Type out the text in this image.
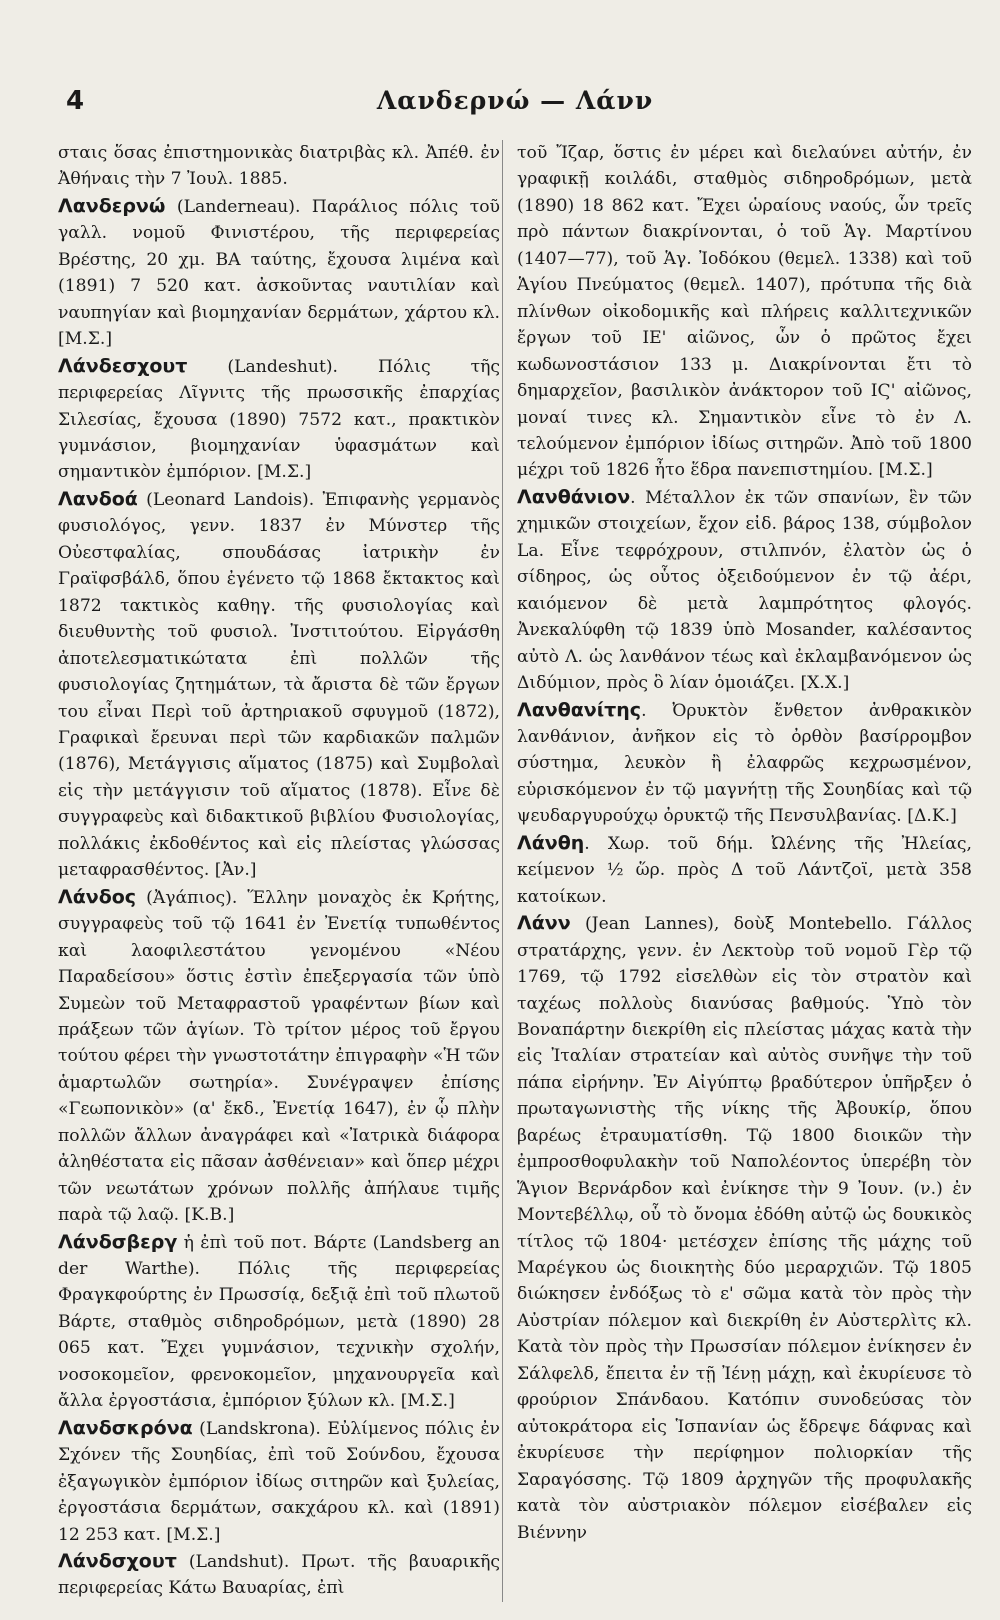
4	Λανδερνώ — Λάνν

σταις ὅσας ἐπιστημονικὰς διατριβὰς κλ. Ἀπέθ. ἐν Ἀθήναις τὴν 7 Ἰουλ. 1885.

Λανδερνώ (Landerneau). Παράλιος πόλις τοῦ γαλλ. νομοῦ Φινιστέρου, τῆς περιφερείας Βρέστης, 20 χμ. ΒΑ ταύτης, ἔχουσα λιμένα καὶ (1891) 7 520 κατ. ἀσκοῦντας ναυτιλίαν καὶ ναυπηγίαν καὶ βιομηχανίαν δερμάτων, χάρτου κλ. [Μ.Σ.]

Λάνδεσχουτ (Landeshut). Πόλις τῆς περιφερείας Λῖγνιτς τῆς πρωσσικῆς ἐπαρχίας Σιλεσίας, ἔχουσα (1890) 7572 κατ., πρακτικὸν γυμνάσιον, βιομηχανίαν ὑφασμάτων καὶ σημαντικὸν ἐμπόριον. [Μ.Σ.]

Λανδοά (Leonard Landois). Ἐπιφανὴς γερμανὸς φυσιολόγος, γενν. 1837 ἐν Μύνστερ τῆς Οὐεστφαλίας, σπουδάσας ἰατρικὴν ἐν Γραϊφσβάλδ, ὅπου ἐγένετο τῷ 1868 ἔκτακτος καὶ 1872 τακτικὸς καθηγ. τῆς φυσιολογίας καὶ διευθυντὴς τοῦ φυσιολ. Ἰνστιτούτου. Εἰργάσθη ἀποτελεσματικώτατα ἐπὶ πολλῶν τῆς φυσιολογίας ζητημάτων, τὰ ἄριστα δὲ τῶν ἔργων του εἶναι Περὶ τοῦ ἀρτηριακοῦ σφυγμοῦ (1872), Γραφικαὶ ἔρευναι περὶ τῶν καρδιακῶν παλμῶν (1876), Μετάγγισις αἵματος (1875) καὶ Συμβολαὶ εἰς τὴν μετάγγισιν τοῦ αἵματος (1878). Εἶνε δὲ συγγραφεὺς καὶ διδακτικοῦ βιβλίου Φυσιολογίας, πολλάκις ἐκδοθέντος καὶ εἰς πλείστας γλώσσας μεταφρασθέντος. [Ἀν.]

Λάνδος (Ἀγάπιος). Ἕλλην μοναχὸς ἐκ Κρήτης, συγγραφεὺς τοῦ τῷ 1641 ἐν Ἐνετίᾳ τυπωθέντος καὶ λαοφιλεστάτου γενομένου «Νέου Παραδείσου» ὅστις ἐστὶν ἐπεξεργασία τῶν ὑπὸ Συμεὼν τοῦ Μεταφραστοῦ γραφέντων βίων καὶ πράξεων τῶν ἁγίων. Τὸ τρίτον μέρος τοῦ ἔργου τούτου φέρει τὴν γνωστοτάτην ἐπιγραφὴν «Ἡ τῶν ἁμαρτωλῶν σωτηρία». Συνέγραψεν ἐπίσης «Γεωπονικὸν» (α' ἔκδ., Ἐνετίᾳ 1647), ἐν ᾧ πλὴν πολλῶν ἄλλων ἀναγράφει καὶ «Ἰατρικὰ διάφορα ἀληθέστατα εἰς πᾶσαν ἀσθένειαν» καὶ ὅπερ μέχρι τῶν νεωτάτων χρόνων πολλῆς ἀπήλαυε τιμῆς παρὰ τῷ λαῷ. [Κ.Β.]

Λάνδσβεργ ἡ ἐπὶ τοῦ ποτ. Βάρτε (Landsberg an der Warthe). Πόλις τῆς περιφερείας Φραγκφούρτης ἐν Πρωσσίᾳ, δεξιᾷ ἐπὶ τοῦ πλωτοῦ Βάρτε, σταθμὸς σιδηροδρόμων, μετὰ (1890) 28 065 κατ. Ἔχει γυμνάσιον, τεχνικὴν σχολήν, νοσοκομεῖον, φρενοκομεῖον, μηχανουργεῖα καὶ ἄλλα ἐργοστάσια, ἐμπόριον ξύλων κλ. [Μ.Σ.]

Λανδσκρόνα (Landskrona). Εὐλίμενος πόλις ἐν Σχόνεν τῆς Σουηδίας, ἐπὶ τοῦ Σούνδου, ἔχουσα ἐξαγωγικὸν ἐμπόριον ἰδίως σιτηρῶν καὶ ξυλείας, ἐργοστάσια δερμάτων, σακχάρου κλ. καὶ (1891) 12 253 κατ. [Μ.Σ.]

Λάνδσχουτ (Landshut). Πρωτ. τῆς βαυαρικῆς περιφερείας Κάτω Βαυαρίας, ἐπὶ

τοῦ Ἴζαρ, ὅστις ἐν μέρει καὶ διελαύνει αὐτήν, ἐν γραφικῇ κοιλάδι, σταθμὸς σιδηροδρόμων, μετὰ (1890) 18 862 κατ. Ἔχει ὡραίους ναούς, ὧν τρεῖς πρὸ πάντων διακρίνονται, ὁ τοῦ Ἁγ. Μαρτίνου (1407—77), τοῦ Ἁγ. Ἰοδόκου (θεμελ. 1338) καὶ τοῦ Ἁγίου Πνεύματος (θεμελ. 1407), πρότυπα τῆς διὰ πλίνθων οἰκοδομικῆς καὶ πλήρεις καλλιτεχνικῶν ἔργων τοῦ ΙΕ' αἰῶνος, ὧν ὁ πρῶτος ἔχει κωδωνοστάσιον 133 μ. Διακρίνονται ἔτι τὸ δημαρχεῖον, βασιλικὸν ἀνάκτορον τοῦ ΙϚ' αἰῶνος, μοναί τινες κλ. Σημαντικὸν εἶνε τὸ ἐν Λ. τελούμενον ἐμπόριον ἰδίως σιτηρῶν. Ἀπὸ τοῦ 1800 μέχρι τοῦ 1826 ἦτο ἕδρα πανεπιστημίου. [Μ.Σ.]

Λανθάνιον. Μέταλλον ἐκ τῶν σπανίων, ἓν τῶν χημικῶν στοιχείων, ἔχον εἰδ. βάρος 138, σύμβολον La. Εἶνε τεφρόχρουν, στιλπνόν, ἐλατὸν ὡς ὁ σίδηρος, ὡς οὗτος ὀξειδούμενον ἐν τῷ ἀέρι, καιόμενον δὲ μετὰ λαμπρότητος φλογός. Ἀνεκαλύφθη τῷ 1839 ὑπὸ Mosander, καλέσαντος αὐτὸ Λ. ὡς λανθάνον τέως καὶ ἐκλαμβανόμενον ὡς Διδύμιον, πρὸς ὃ λίαν ὁμοιάζει. [Χ.Χ.]

Λανθανίτης. Ὀρυκτὸν ἔνθετον ἀνθρακικὸν λανθάνιον, ἀνῆκον εἰς τὸ ὀρθὸν βασίρρομβον σύστημα, λευκὸν ἢ ἐλαφρῶς κεχρωσμένον, εὑρισκόμενον ἐν τῷ μαγνήτῃ τῆς Σουηδίας καὶ τῷ ψευδαργυρούχῳ ὀρυκτῷ τῆς Πενσυλβανίας. [Δ.Κ.]

Λάνθη. Χωρ. τοῦ δήμ. Ὠλένης τῆς Ἠλείας, κείμενον ½ ὥρ. πρὸς Δ τοῦ Λάντζοϊ, μετὰ 358 κατοίκων.

Λάνν (Jean Lannes), δοὺξ Montebello. Γάλλος στρατάρχης, γενν. ἐν Λεκτοὺρ τοῦ νομοῦ Γὲρ τῷ 1769, τῷ 1792 εἰσελθὼν εἰς τὸν στρατὸν καὶ ταχέως πολλοὺς διανύσας βαθμούς. Ὑπὸ τὸν Βοναπάρτην διεκρίθη εἰς πλείστας μάχας κατὰ τὴν εἰς Ἰταλίαν στρατείαν καὶ αὐτὸς συνῆψε τὴν τοῦ πάπα εἰρήνην. Ἐν Αἰγύπτῳ βραδύτερον ὑπῆρξεν ὁ πρωταγωνιστὴς τῆς νίκης τῆς Ἀβουκίρ, ὅπου βαρέως ἐτραυματίσθη. Τῷ 1800 διοικῶν τὴν ἐμπροσθοφυλακὴν τοῦ Ναπολέοντος ὑπερέβη τὸν Ἅγιον Βερνάρδον καὶ ἐνίκησε τὴν 9 Ἰουν. (ν.) ἐν Μοντεβέλλῳ, οὗ τὸ ὄνομα ἐδόθη αὐτῷ ὡς δουκικὸς τίτλος τῷ 1804· μετέσχεν ἐπίσης τῆς μάχης τοῦ Μαρέγκου ὡς διοικητὴς δύο μεραρχιῶν. Τῷ 1805 διώκησεν ἐνδόξως τὸ ε' σῶμα κατὰ τὸν πρὸς τὴν Αὐστρίαν πόλεμον καὶ διεκρίθη ἐν Αὐστερλὶτς κλ. Κατὰ τὸν πρὸς τὴν Πρωσσίαν πόλεμον ἐνίκησεν ἐν Σάλφελδ, ἔπειτα ἐν τῇ Ἰένῃ μάχῃ, καὶ ἐκυρίευσε τὸ φρούριον Σπάνδαου. Κατόπιν συνοδεύσας τὸν αὐτοκράτορα εἰς Ἱσπανίαν ὡς ἔδρεψε δάφνας καὶ ἐκυρίευσε τὴν περίφημον πολιορκίαν τῆς Σαραγόσσης. Τῷ 1809 ἀρχηγῶν τῆς προφυλακῆς κατὰ τὸν αὐστριακὸν πόλεμον εἰσέβαλεν εἰς Βιέννην
